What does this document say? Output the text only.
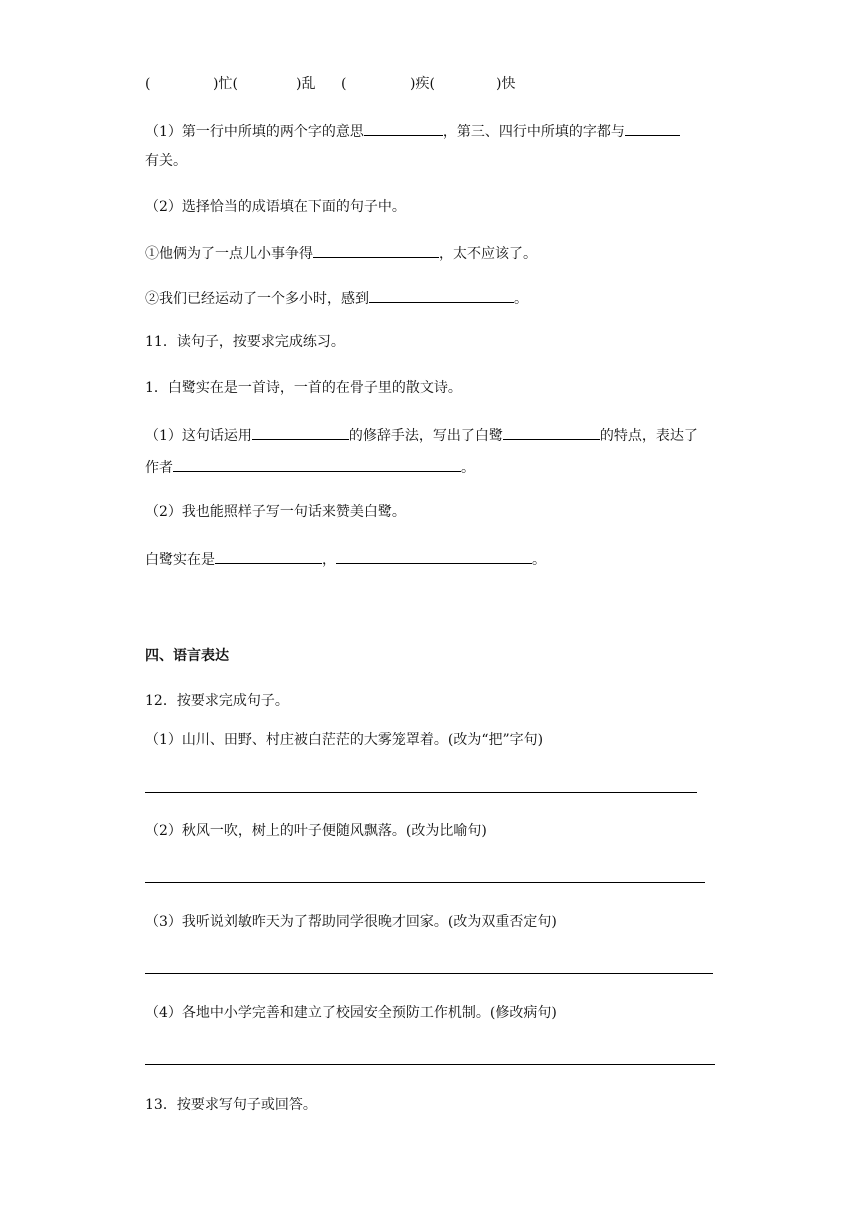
(	)忙(	)乱 (	)疾(	)快
（1）第一行中所填的两个字的意思	，第三、四行中所填的字都与
有关。
（2）选择恰当的成语填在下面的句子中。
①他俩为了一点儿小事争得	，太不应该了。
②我们已经运动了一个多小时，感到	。
11．读句子，按要求完成练习。
1．白鹭实在是一首诗，一首的在骨子里的散文诗。
（1）这句话运用	的修辞手法，写出了白鹭	的特点，表达了
作者	。
（2）我也能照样子写一句话来赞美白鹭。
白鹭实在是	，	。
四、语言表达
12．按要求完成句子。
（1）山川、田野、村庄被白茫茫的大雾笼罩着。(改为“把”字句)
（2）秋风一吹，树上的叶子便随风飘落。(改为比喻句)
（3）我听说刘敏昨天为了帮助同学很晚才回家。(改为双重否定句)
（4）各地中小学完善和建立了校园安全预防工作机制。(修改病句)
13．按要求写句子或回答。
